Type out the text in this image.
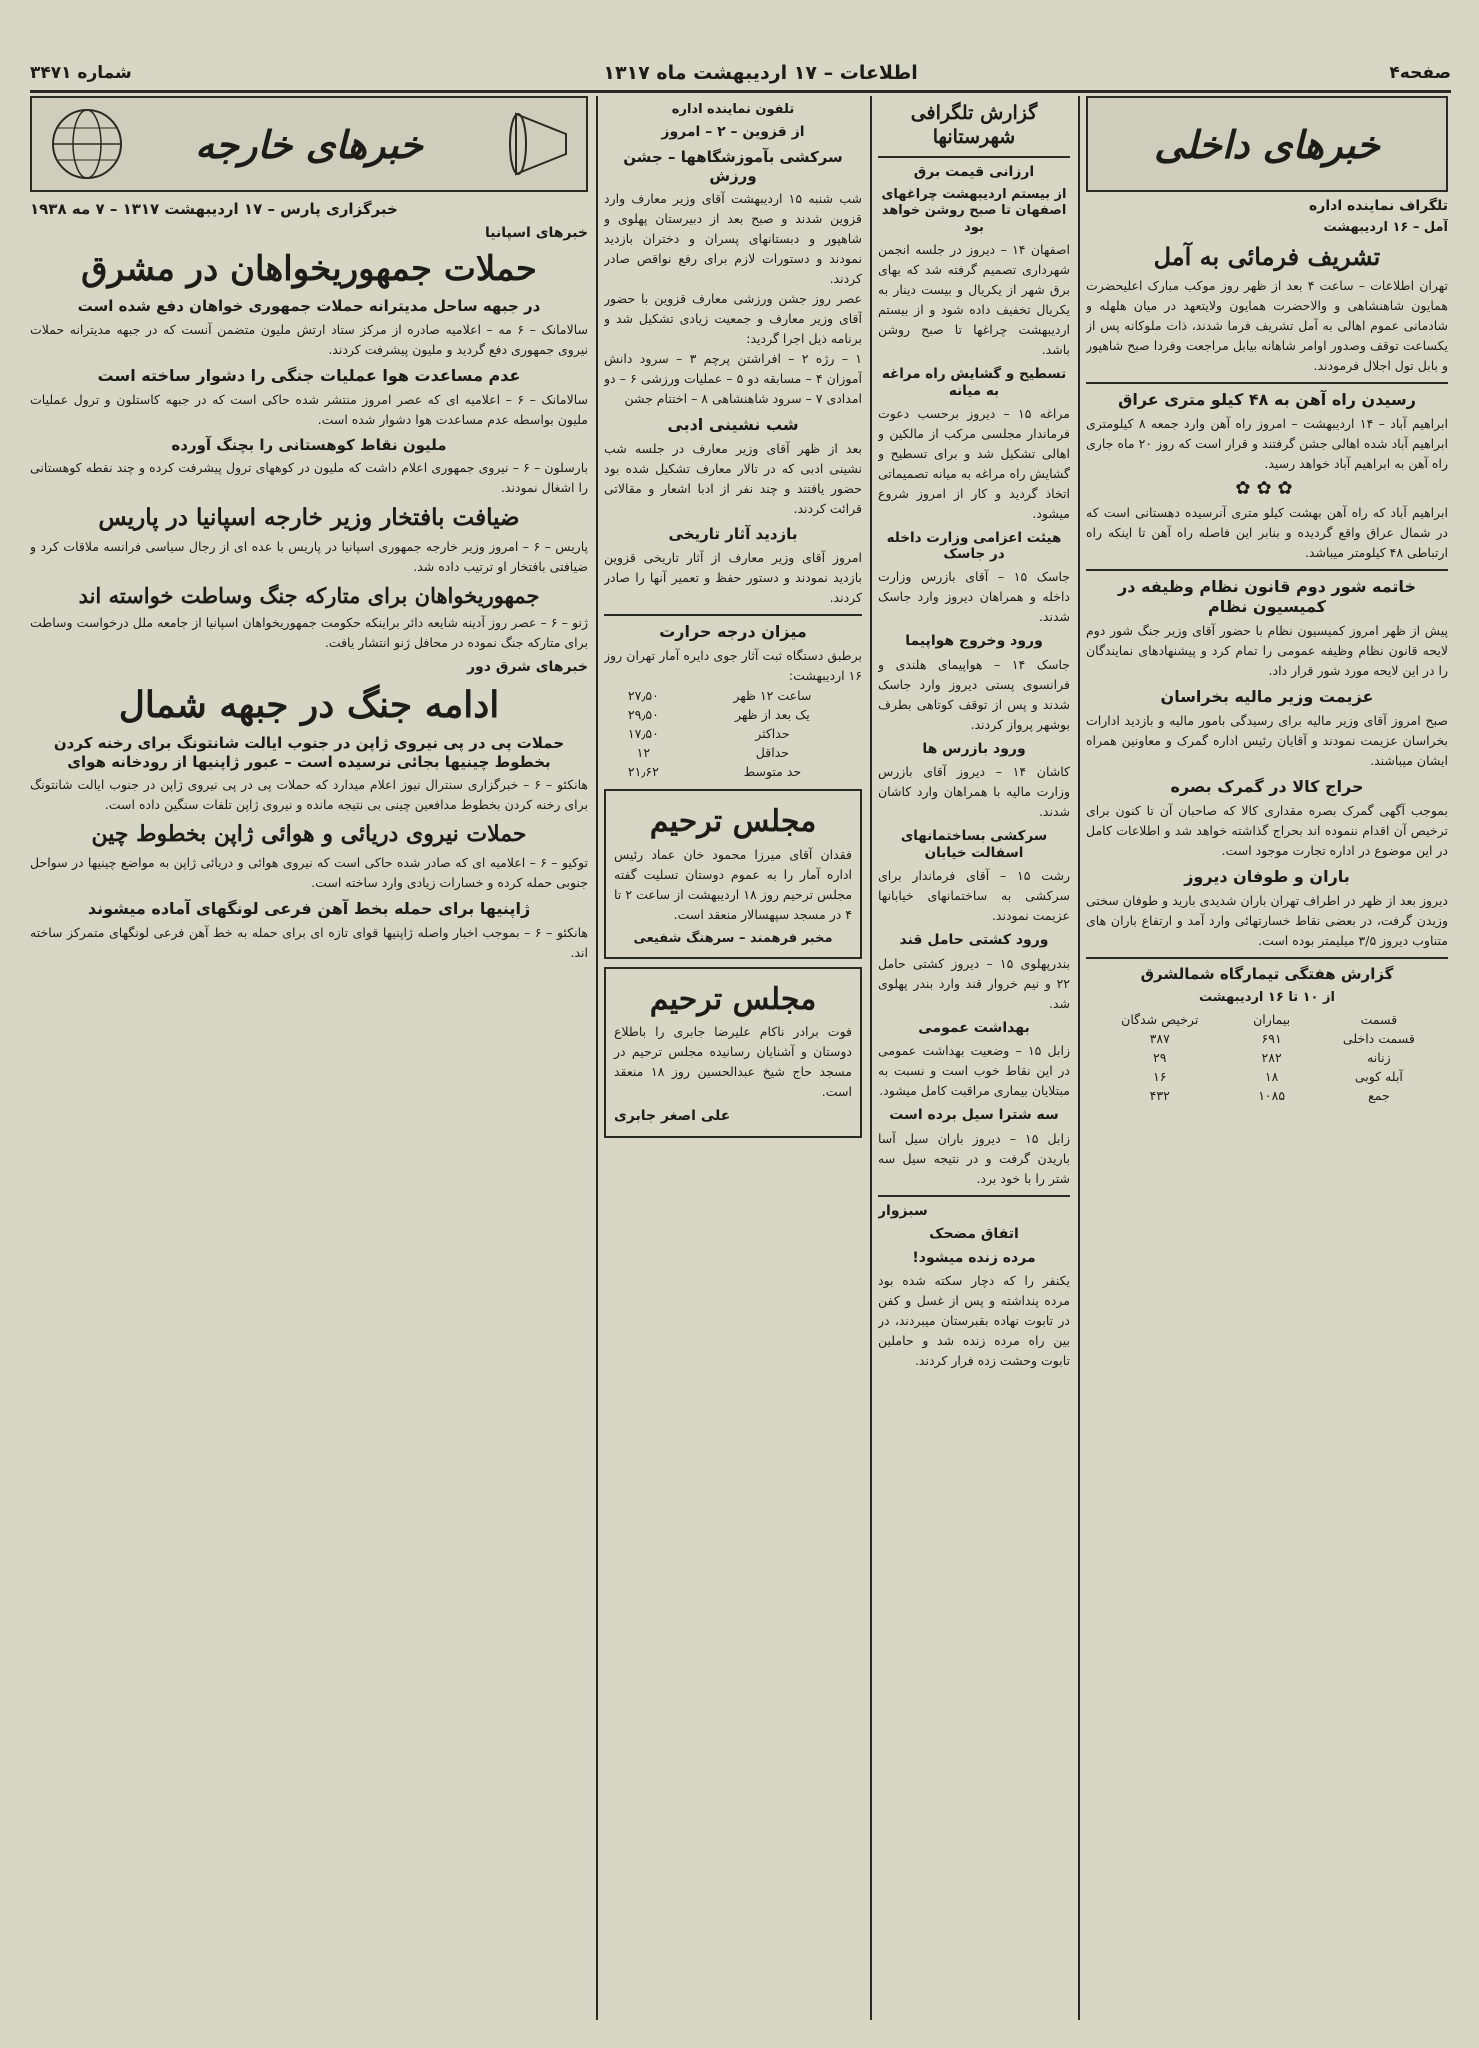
صفحه۴
اطلاعات – ۱۷ اردیبهشت ماه ۱۳۱۷
شماره ۳۴۷۱
خبرهای داخلی
تلگراف نماینده اداره
آمل – ۱۶ اردیبهشت
تشریف فرمائی به آمل

تهران اطلاعات – ساعت ۴ بعد از ظهر روز موکب مبارک اعلیحضرت همایون شاهنشاهی و والاحضرت همایون ولایتعهد در میان هلهله و شادمانی عموم اهالی به آمل تشریف فرما شدند، ذات ملوکانه پس از یکساعت توقف وصدور اوامر شاهانه بیابل مراجعت وفردا صبح شاهپور و بابل تول اجلال فرمودند.

رسیدن راه آهن به ۴۸ کیلو متری عراق

ابراهیم آباد – ۱۴ اردیبهشت – امروز راه آهن وارد جمعه ۸ کیلومتری ابراهیم آباد شده اهالی جشن گرفتند و قرار است که روز ۲۰ ماه جاری راه آهن به ابراهیم آباد خواهد رسید.

✿✿✿

ابراهیم آباد که راه آهن بهشت کیلو متری آنرسیده دهستانی است که در شمال عراق واقع گردیده و بنابر این فاصله راه آهن تا اینکه راه ارتباطی ۴۸ کیلومتر میباشد.

خاتمه شور دوم قانون نظام وظیفه در کمیسیون نظام

پیش از ظهر امروز کمیسیون نظام با حضور آقای وزیر جنگ شور دوم لایحه قانون نظام وظیفه عمومی را تمام کرد و پیشنهادهای نمایندگان را در این لایحه مورد شور قرار داد.

عزیمت وزیر مالیه بخراسان

صبح امروز آقای وزیر مالیه برای رسیدگی بامور مالیه و بازدید ادارات بخراسان عزیمت نمودند و آقایان رئیس اداره گمرک و معاونین همراه ایشان میباشند.

حراج کالا در گمرک بصره

بموجب آگهی گمرک بصره مقداری کالا که صاحبان آن تا کنون برای ترخیص آن اقدام ننموده اند بحراج گذاشته خواهد شد و اطلاعات کامل در این موضوع در اداره تجارت موجود است.

باران و طوفان دیروز

دیروز بعد از ظهر در اطراف تهران باران شدیدی بارید و طوفان سختی وزیدن گرفت، در بعضی نقاط خسارتهائی وارد آمد و ارتفاع باران های متناوب دیروز ۳/۵ میلیمتر بوده است.

گزارش هفتگی تیمارگاه شمالشرق
از ۱۰ تا ۱۶ اردیبهشت
قسمت	بیماران	ترخیص شدگان
قسمت داخلی	۶۹۱	۳۸۷
زنانه	۲۸۲	۲۹
آبله کوبی	۱۸	۱۶
جمع	۱۰۸۵	۴۳۲
گزارش تلگرافی شهرستانها
ارزانی قیمت برق
از بیستم اردیبهشت چراغهای اصفهان تا صبح روشن خواهد بود

اصفهان ۱۴ – دیروز در جلسه انجمن شهرداری تصمیم گرفته شد که بهای برق شهر از یکریال و بیست دینار به یکریال تخفیف داده شود و از بیستم اردیبهشت چراغها تا صبح روشن باشد.

تسطیح و گشایش راه مراغه به میانه

مراغه ۱۵ – دیروز برحسب دعوت فرماندار مجلسی مرکب از مالکین و اهالی تشکیل شد و برای تسطیح و گشایش راه مراغه به میانه تصمیماتی اتخاذ گردید و کار از امروز شروع میشود.

هیئت اعزامی وزارت داخله در جاسک

جاسک ۱۵ – آقای بازرس وزارت داخله و همراهان دیروز وارد جاسک شدند.

ورود وخروج هواپیما

جاسک ۱۴ – هواپیمای هلندی و فرانسوی پستی دیروز وارد جاسک شدند و پس از توقف کوتاهی بطرف بوشهر پرواز کردند.

ورود بازرس ها

کاشان ۱۴ – دیروز آقای بازرس وزارت مالیه با همراهان وارد کاشان شدند.

سرکشی بساختمانهای اسفالت خیابان

رشت ۱۵ – آقای فرماندار برای سرکشی به ساختمانهای خیابانها عزیمت نمودند.

ورود کشتی حامل قند

بندرپهلوی ۱۵ – دیروز کشتی حامل ۲۲ و نیم خروار قند وارد بندر پهلوی شد.

بهداشت عمومی

زابل ۱۵ – وضعیت بهداشت عمومی در این نقاط خوب است و نسبت به مبتلایان بیماری مراقبت کامل میشود.

سه شترا سیل برده است

زابل ۱۵ – دیروز باران سیل آسا باریدن گرفت و در نتیجه سیل سه شتر را با خود برد.

سبزوار
اتفاق مضحک
مرده زنده میشود!

یکنفر را که دچار سکته شده بود مرده پنداشته و پس از غسل و کفن در تابوت نهاده بقبرستان میبردند، در بین راه مرده زنده شد و حاملین تابوت وحشت زده فرار کردند.

تلفون نماینده اداره
از قزوین – ۲ – امروز
سرکشی بآموزشگاهها – جشن ورزش

شب شنبه ۱۵ اردیبهشت آقای وزیر معارف وارد قزوین شدند و صبح بعد از دبیرستان پهلوی و شاهپور و دبستانهای پسران و دختران بازدید نمودند و دستورات لازم برای رفع نواقص صادر کردند.

عصر روز جشن ورزشی معارف قزوین با حضور آقای وزیر معارف و جمعیت زیادی تشکیل شد و برنامه ذیل اجرا گردید:

۱ – رژه ۲ – افراشتن پرچم ۳ – سرود دانش آموزان ۴ – مسابقه دو ۵ – عملیات ورزشی ۶ – دو امدادی ۷ – سرود شاهنشاهی ۸ – اختتام جشن

شب نشینی ادبی

بعد از ظهر آقای وزیر معارف در جلسه شب نشینی ادبی که در تالار معارف تشکیل شده بود حضور یافتند و چند نفر از ادبا اشعار و مقالاتی قرائت کردند.

بازدید آثار تاریخی

امروز آقای وزیر معارف از آثار تاریخی قزوین بازدید نمودند و دستور حفظ و تعمیر آنها را صادر کردند.

میزان درجه حرارت

برطبق دستگاه ثبت آثار جوی دایره آمار تهران روز ۱۶ اردیبهشت:

ساعت ۱۲ ظهر	۲۷٫۵۰
یک بعد از ظهر	۲۹٫۵۰
حداکثر	۱۷٫۵۰
حداقل	۱۲
حد متوسط	۲۱٫۶۲
مجلس ترحیم

فقدان آقای میرزا محمود خان عماد رئیس اداره آمار را به عموم دوستان تسلیت گفته مجلس ترحیم روز ۱۸ اردیبهشت از ساعت ۲ تا ۴ در مسجد سپهسالار منعقد است.

مخبر فرهمند – سرهنگ شفیعی
مجلس ترحیم

فوت برادر ناکام علیرضا جابری را باطلاع دوستان و آشنایان رسانیده مجلس ترحیم در مسجد حاج شیخ عبدالحسین روز ۱۸ منعقد است.

علی اصغر جابری
خبرهای خارجه
خبرگزاری پارس – ۱۷ اردیبهشت ۱۳۱۷ – ۷ مه ۱۹۳۸
خبرهای اسپانیا
حملات جمهوریخواهان در مشرق
در جبهه ساحل مدیترانه حملات جمهوری خواهان دفع شده است

سالامانک – ۶ مه – اعلامیه صادره از مرکز ستاد ارتش ملیون متضمن آنست که در جبهه مدیترانه حملات نیروی جمهوری دفع گردید و ملیون پیشرفت کردند.

عدم مساعدت هوا عملیات جنگی را دشوار ساخته است

سالامانک – ۶ – اعلامیه ای که عصر امروز منتشر شده حاکی است که در جبهه کاستلون و ترول عملیات ملیون بواسطه عدم مساعدت هوا دشوار شده است.

ملیون نقاط کوهستانی را بچنگ آورده

بارسلون – ۶ – نیروی جمهوری اعلام داشت که ملیون در کوههای ترول پیشرفت کرده و چند نقطه کوهستانی را اشغال نمودند.

ضیافت بافتخار وزیر خارجه اسپانیا در پاریس

پاریس – ۶ – امروز وزیر خارجه جمهوری اسپانیا در پاریس با عده ای از رجال سیاسی فرانسه ملاقات کرد و ضیافتی بافتخار او ترتیب داده شد.

جمهوریخواهان برای متارکه جنگ وساطت خواسته اند

ژنو – ۶ – عصر روز آدینه شایعه دائر براینکه حکومت جمهوریخواهان اسپانیا از جامعه ملل درخواست وساطت برای متارکه جنگ نموده در محافل ژنو انتشار یافت.

خبرهای شرق دور
ادامه جنگ در جبهه شمال
حملات پی در پی نیروی ژاپن در جنوب ایالت شانتونگ برای رخنه کردن بخطوط چینیها بجائی نرسیده است – عبور ژاپنیها از رودخانه هوای

هانکئو – ۶ – خبرگزاری سنترال نیوز اعلام میدارد که حملات پی در پی نیروی ژاپن در جنوب ایالت شانتونگ برای رخنه کردن بخطوط مدافعین چینی بی نتیجه مانده و نیروی ژاپن تلفات سنگین داده است.

حملات نیروی دریائی و هوائی ژاپن بخطوط چین

توکیو – ۶ – اعلامیه ای که صادر شده حاکی است که نیروی هوائی و دریائی ژاپن به مواضع چینیها در سواحل جنوبی حمله کرده و خسارات زیادی وارد ساخته است.

ژاپنیها برای حمله بخط آهن فرعی لونگهای آماده میشوند

هانکئو – ۶ – بموجب اخبار واصله ژاپنیها قوای تازه ای برای حمله به خط آهن فرعی لونگهای متمرکز ساخته اند.
